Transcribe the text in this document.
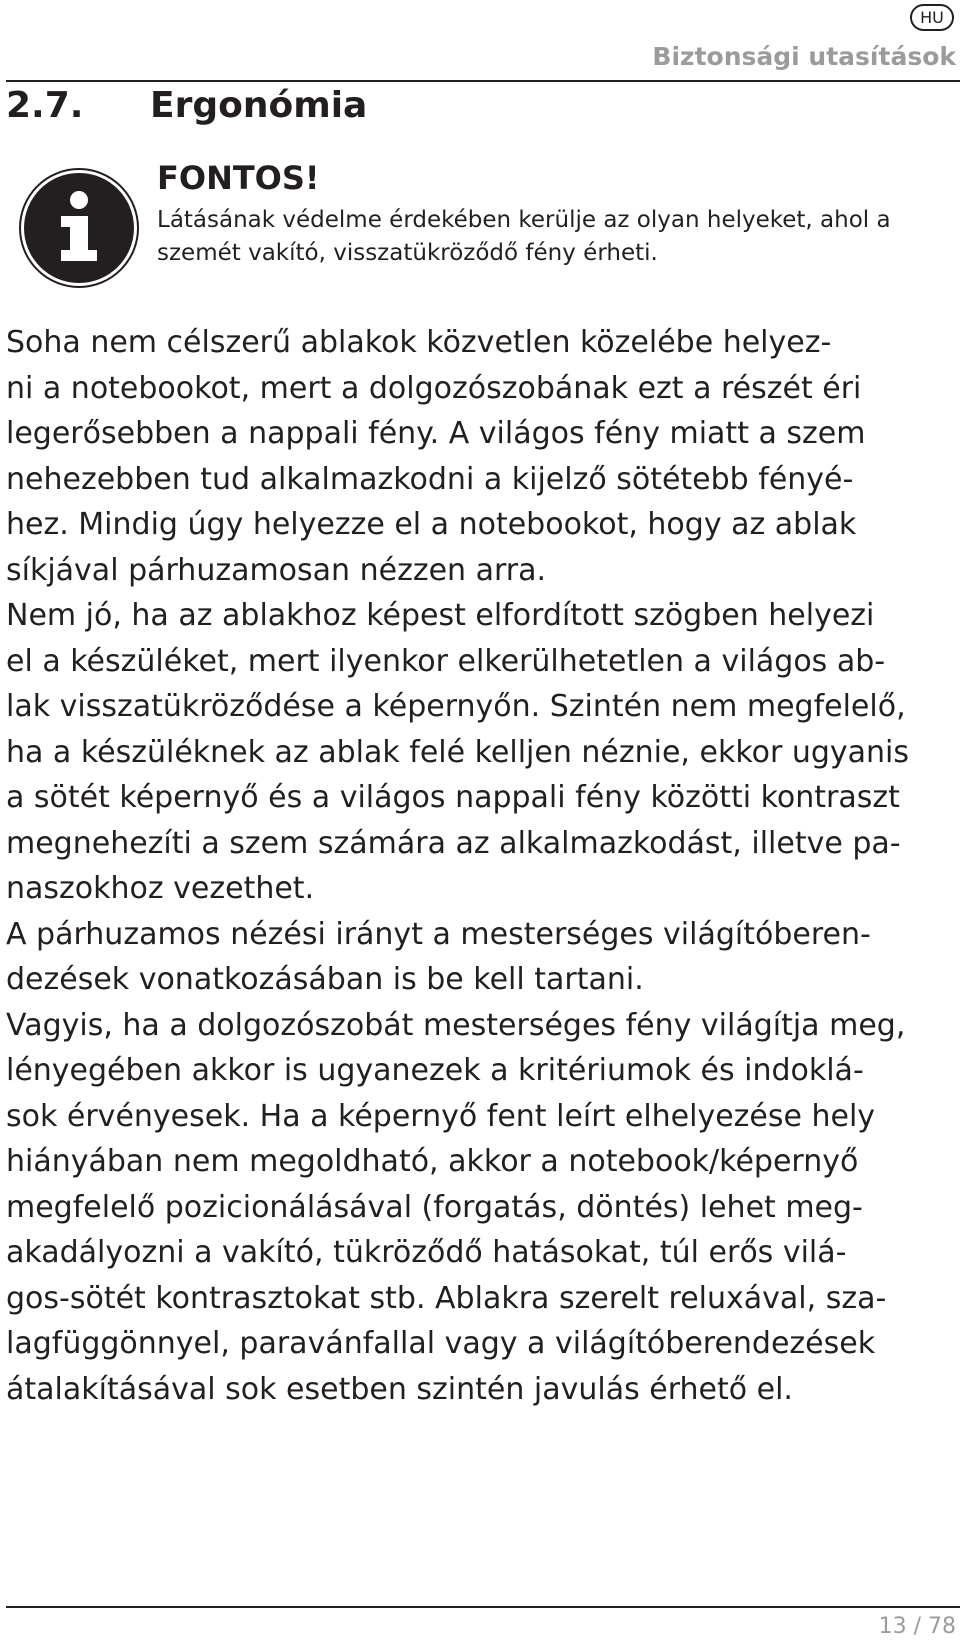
HU
Biztonsági utasítások
2.7. Ergonómia
FONTOS!
Látásának védelme érdekében kerülje az olyan helyeket, ahol a
szemét vakító, visszatükröződő fény érheti.
Soha nem célszerű ablakok közvetlen közelébe helyez-
ni a notebookot, mert a dolgozószobának ezt a részét éri
legerősebben a nappali fény. A világos fény miatt a szem
nehezebben tud alkalmazkodni a kijelző sötétebb fényé-
hez. Mindig úgy helyezze el a notebookot, hogy az ablak
síkjával párhuzamosan nézzen arra.
Nem jó, ha az ablakhoz képest elfordított szögben helyezi
el a készüléket, mert ilyenkor elkerülhetetlen a világos ab-
lak visszatükröződése a képernyőn. Szintén nem megfelelő,
ha a készüléknek az ablak felé kelljen néznie, ekkor ugyanis
a sötét képernyő és a világos nappali fény közötti kontraszt
megnehezíti a szem számára az alkalmazkodást, illetve pa-
naszokhoz vezethet.
A párhuzamos nézési irányt a mesterséges világítóberen-
dezések vonatkozásában is be kell tartani.
Vagyis, ha a dolgozószobát mesterséges fény világítja meg,
lényegében akkor is ugyanezek a kritériumok és indoklá-
sok érvényesek. Ha a képernyő fent leírt elhelyezése hely
hiányában nem megoldható, akkor a notebook/képernyő
megfelelő pozicionálásával (forgatás, döntés) lehet meg-
akadályozni a vakító, tükröződő hatásokat, túl erős vilá-
gos-sötét kontrasztokat stb. Ablakra szerelt reluxával, sza-
lagfüggönnyel, paravánfallal vagy a világítóberendezések
átalakításával sok esetben szintén javulás érhető el.
13 / 78
